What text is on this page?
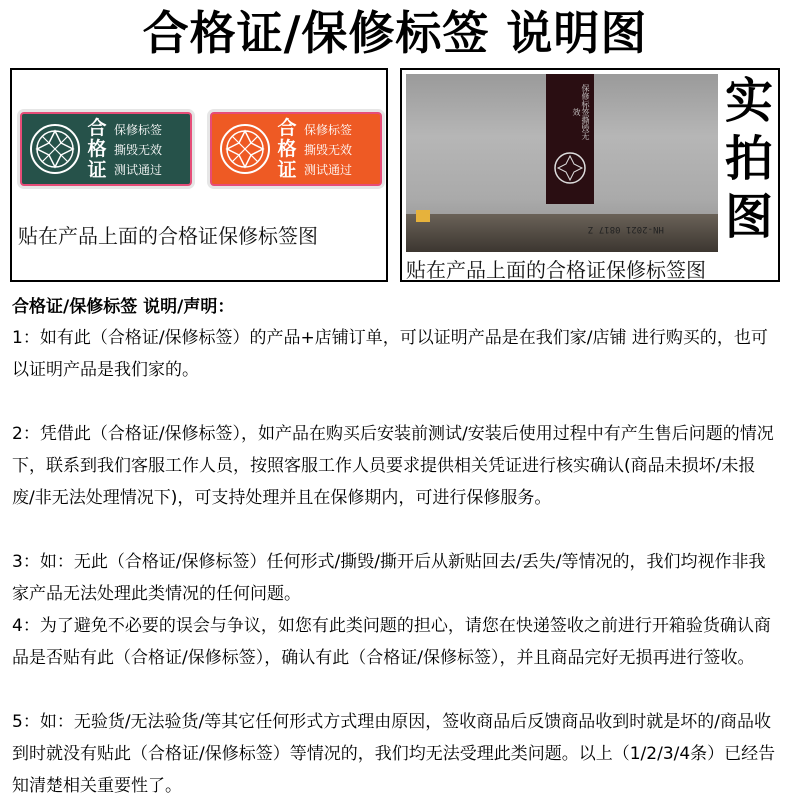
合格证/保修标签 说明图
合
格
证
保修标签
撕毁无效
测试通过
合
格
证
保修标签
撕毁无效
测试通过
贴在产品上面的合格证保修标签图
保修标签撕毁无效
HN-2021 0817 Z
实
拍
图
贴在产品上面的合格证保修标签图
合格证/保修标签 说明/声明：

1：如有此（合格证/保修标签）的产品+店铺订单，可以证明产品是在我们家/店铺 进行购买的，也可以证明产品是我们家的。

2：凭借此（合格证/保修标签），如产品在购买后安装前测试/安装后使用过程中有产生售后问题的情况下，联系到我们客服工作人员，按照客服工作人员要求提供相关凭证进行核实确认(商品未损坏/未报废/非无法处理情况下)，可支持处理并且在保修期内，可进行保修服务。

3：如：无此（合格证/保修标签）任何形式/撕毁/撕开后从新贴回去/丢失/等情况的，我们均视作非我家产品无法处理此类情况的任何问题。

4：为了避免不必要的误会与争议，如您有此类问题的担心，请您在快递签收之前进行开箱验货确认商品是否贴有此（合格证/保修标签），确认有此（合格证/保修标签），并且商品完好无损再进行签收。

5：如：无验货/无法验货/等其它任何形式方式理由原因，签收商品后反馈商品收到时就是坏的/商品收到时就没有贴此（合格证/保修标签）等情况的，我们均无法受理此类问题。以上（1/2/3/4条）已经告知清楚相关重要性了。
